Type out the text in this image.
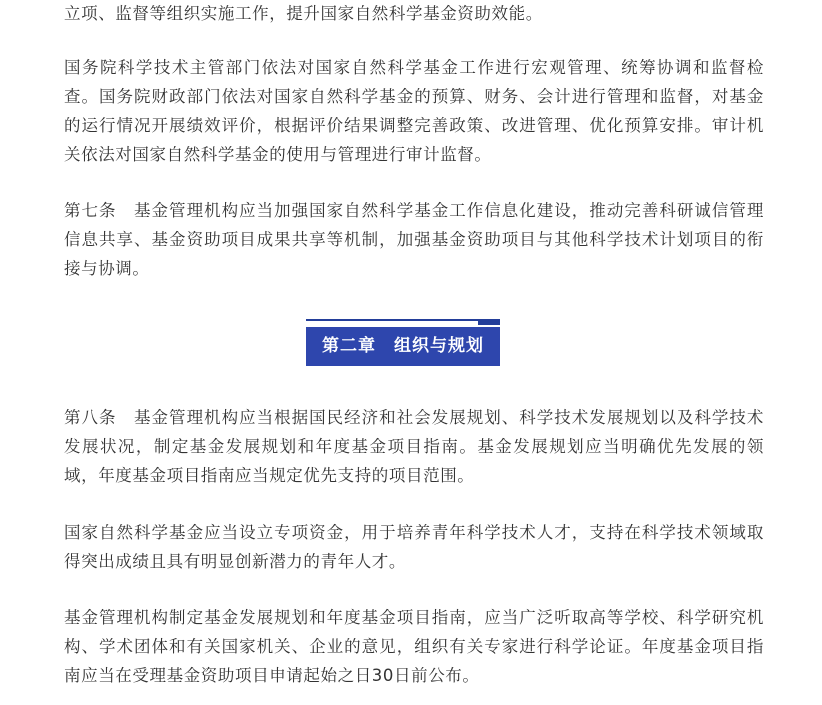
立项、监督等组织实施工作，提升国家自然科学基金资助效能。

国务院科学技术主管部门依法对国家自然科学基金工作进行宏观管理、统筹协调和监督检查。国务院财政部门依法对国家自然科学基金的预算、财务、会计进行管理和监督，对基金的运行情况开展绩效评价，根据评价结果调整完善政策、改进管理、优化预算安排。审计机关依法对国家自然科学基金的使用与管理进行审计监督。

第七条　基金管理机构应当加强国家自然科学基金工作信息化建设，推动完善科研诚信管理信息共享、基金资助项目成果共享等机制，加强基金资助项目与其他科学技术计划项目的衔接与协调。

第八条　基金管理机构应当根据国民经济和社会发展规划、科学技术发展规划以及科学技术发展状况，制定基金发展规划和年度基金项目指南。基金发展规划应当明确优先发展的领域，年度基金项目指南应当规定优先支持的项目范围。

国家自然科学基金应当设立专项资金，用于培养青年科学技术人才，支持在科学技术领域取得突出成绩且具有明显创新潜力的青年人才。

基金管理机构制定基金发展规划和年度基金项目指南，应当广泛听取高等学校、科学研究机构、学术团体和有关国家机关、企业的意见，组织有关专家进行科学论证。年度基金项目指南应当在受理基金资助项目申请起始之日30日前公布。

第二章　组织与规划
